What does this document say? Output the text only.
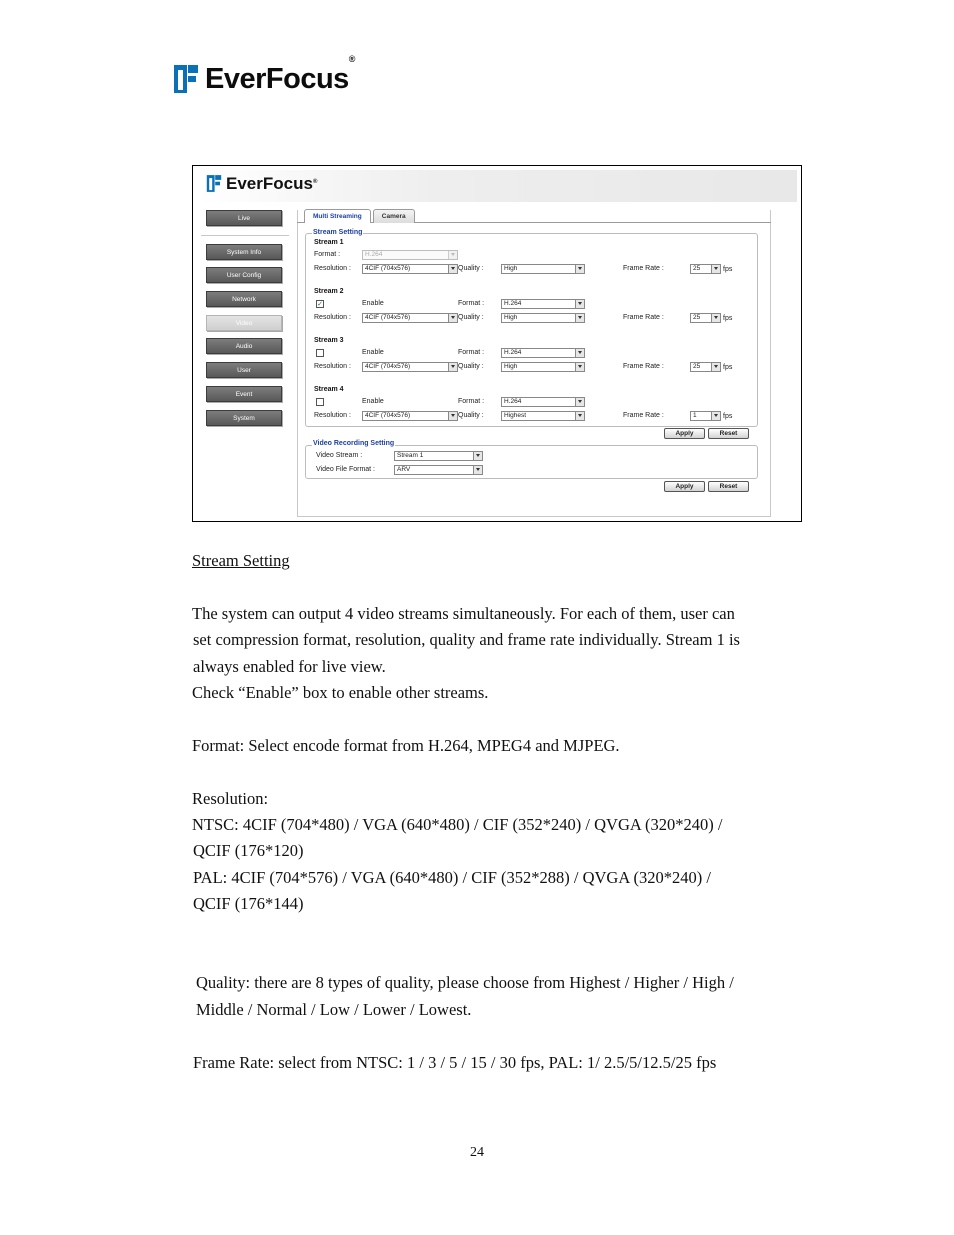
EverFocus®
EverFocus®
Live
System Info
User Config
Network
Video
Audio
User
Event
System
Multi Streaming	Camera
Stream Setting
Stream 1
Format :	H.264
Resolution :	4CIF (704x576)	Quality :	High	Frame Rate :	25	fps
Stream 2
✓	Enable	Format :	H.264
Resolution :	4CIF (704x576)	Quality :	High	Frame Rate :	25	fps
Stream 3
Enable	Format :	H.264
Resolution :	4CIF (704x576)	Quality :	High	Frame Rate :	25	fps
Stream 4
Enable	Format :	H.264
Resolution :	4CIF (704x576)	Quality :	Highest	Frame Rate :	1	fps
Apply	Reset
Video Recording Setting
Video Stream :	Stream 1
Video File Format :	ARV
Apply	Reset
Stream Setting
The system can output 4 video streams simultaneously. For each of them, user can
set compression format, resolution, quality and frame rate individually. Stream 1 is
always enabled for live view.
Check “Enable” box to enable other streams.
Format: Select encode format from H.264, MPEG4 and MJPEG.
Resolution:
NTSC: 4CIF (704*480) / VGA (640*480) / CIF (352*240) / QVGA (320*240) /
QCIF (176*120)
PAL: 4CIF (704*576) / VGA (640*480) / CIF (352*288) / QVGA (320*240) /
QCIF (176*144)
Quality: there are 8 types of quality, please choose from Highest / Higher / High /
Middle / Normal / Low / Lower / Lowest.
Frame Rate: select from NTSC: 1 / 3 / 5 / 15 / 30 fps, PAL: 1/ 2.5/5/12.5/25 fps
24
